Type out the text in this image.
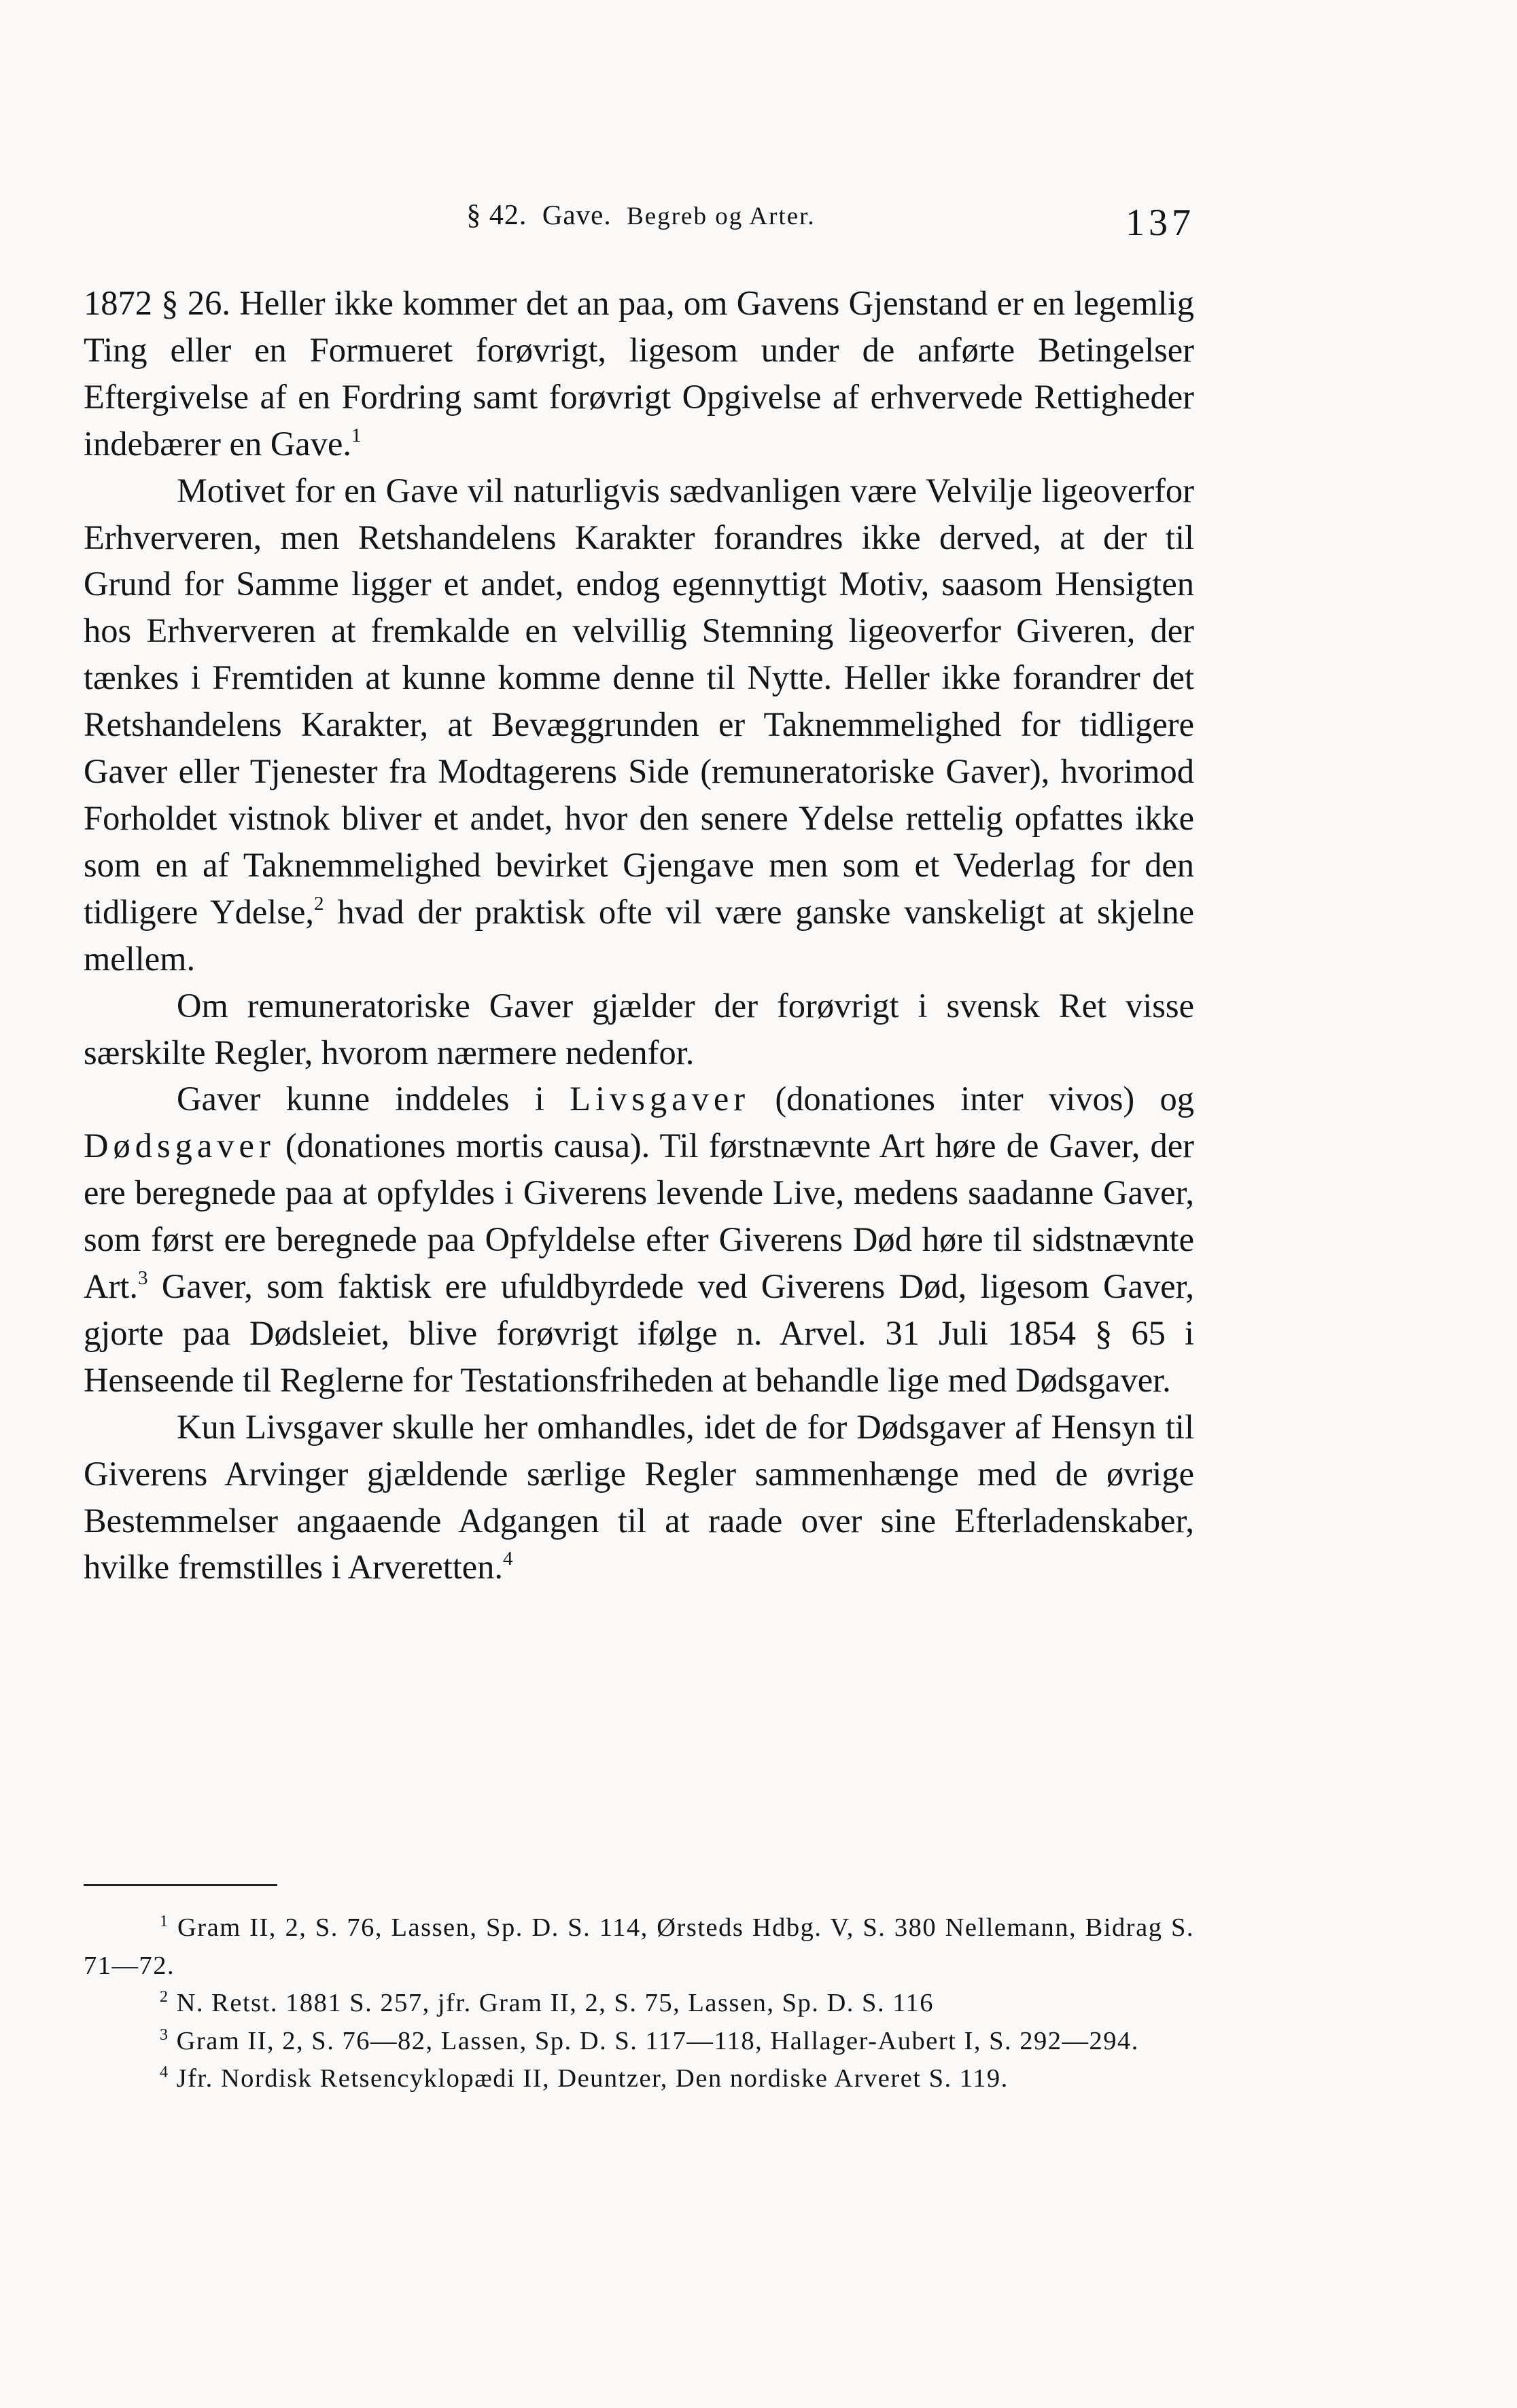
§ 42. Gave. Begreb og Arter.	137

1872 § 26. Heller ikke kommer det an paa, om Gavens Gjenstand er en legemlig Ting eller en Formueret forøvrigt, ligesom under de anførte Betingelser Eftergivelse af en Fordring samt forøvrigt Opgivelse af erhvervede Rettigheder indebærer en Gave.$^1$

Motivet for en Gave vil naturligvis sædvanligen være Velvilje ligeoverfor Erhververen, men Retshandelens Karakter forandres ikke derved, at der til Grund for Samme ligger et andet, endog egennyttigt Motiv, saasom Hensigten hos Erhververen at fremkalde en velvillig Stemning ligeoverfor Giveren, der tænkes i Fremtiden at kunne komme denne til Nytte. Heller ikke forandrer det Retshandelens Karakter, at Bevæggrunden er Taknemmelighed for tidligere Gaver eller Tjenester fra Modtagerens Side (remuneratoriske Gaver), hvorimod Forholdet vistnok bliver et andet, hvor den senere Ydelse rettelig opfattes ikke som en af Taknemmelighed bevirket Gjengave men som et Vederlag for den tidligere Ydelse,$^2$ hvad der praktisk ofte vil være ganske vanskeligt at skjelne mellem.

Om remuneratoriske Gaver gjælder der forøvrigt i svensk Ret visse særskilte Regler, hvorom nærmere nedenfor.

Gaver kunne inddeles i Livsgaver (donationes inter vivos) og Dødsgaver (donationes mortis causa). Til førstnævnte Art høre de Gaver, der ere beregnede paa at opfyldes i Giverens levende Live, medens saadanne Gaver, som først ere beregnede paa Opfyldelse efter Giverens Død høre til sidstnævnte Art.$^3$ Gaver, som faktisk ere ufuldbyrdede ved Giverens Død, ligesom Gaver, gjorte paa Dødsleiet, blive forøvrigt ifølge n. Arvel. 31 Juli 1854 § 65 i Henseende til Reglerne for Testationsfriheden at behandle lige med Dødsgaver.

Kun Livsgaver skulle her omhandles, idet de for Dødsgaver af Hensyn til Giverens Arvinger gjældende særlige Regler sammenhænge med de øvrige Bestemmelser angaaende Adgangen til at raade over sine Efterladenskaber, hvilke fremstilles i Arveretten.$^4$

$^1$ Gram II, 2, S. 76, Lassen, Sp. D. S. 114, Ørsteds Hdbg. V, S. 380 Nellemann, Bidrag S. 71—72.

$^2$ N. Retst. 1881 S. 257, jfr. Gram II, 2, S. 75, Lassen, Sp. D. S. 116

$^3$ Gram II, 2, S. 76—82, Lassen, Sp. D. S. 117—118, Hallager-Aubert I, S. 292—294.

$^4$ Jfr. Nordisk Retsencyklopædi II, Deuntzer, Den nordiske Arveret S. 119.
